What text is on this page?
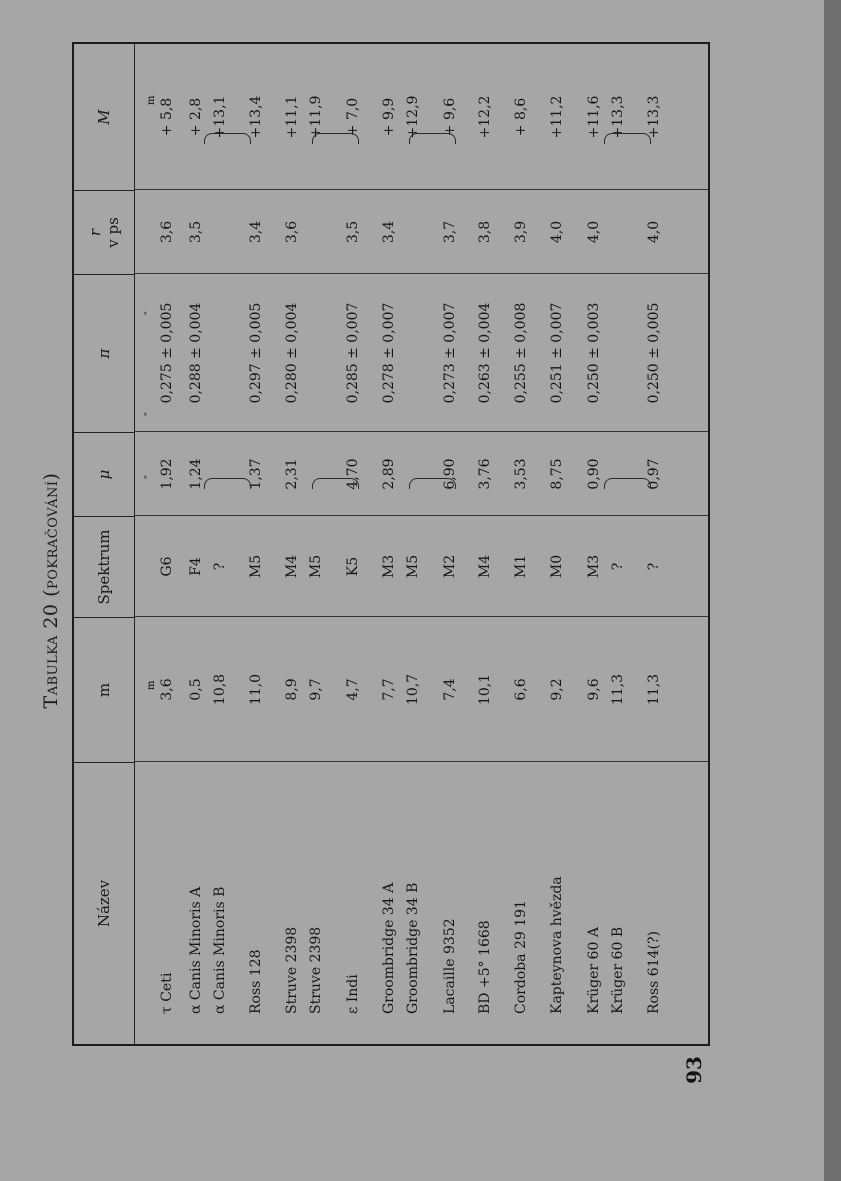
Tabulka 20 (pokračování)
Název
m
Spektrum
μ
π
r v ps
M
m
″
″
″
m
τ Ceti
3,6
G6
1,92
0,275 ± 0,005
3,6
+ 5,8
α Canis Minoris A
0,5
F4
1,24
0,288 ± 0,004
3,5
+ 2,8
α Canis Minoris B
10,8
?
+13,1
Ross 128
11,0
M5
1,37
0,297 ± 0,005
3,4
+13,4
Struve 2398
8,9
M4
2,31
0,280 ± 0,004
3,6
+11,1
Struve 2398
9,7
M5
+11,9
ε Indi
4,7
K5
4,70
0,285 ± 0,007
3,5
+ 7,0
Groombridge 34 A
7,7
M3
2,89
0,278 ± 0,007
3,4
+ 9,9
Groombridge 34 B
10,7
M5
+12,9
Lacaille 9352
7,4
M2
6,90
0,273 ± 0,007
3,7
+ 9,6
BD +5° 1668
10,1
M4
3,76
0,263 ± 0,004
3,8
+12,2
Cordoba 29 191
6,6
M1
3,53
0,255 ± 0,008
3,9
+ 8,6
Kapteynova hvězda
9,2
M0
8,75
0,251 ± 0,007
4,0
+11,2
Krüger 60 A
9,6
M3
0,90
0,250 ± 0,003
4,0
+11,6
Krüger 60 B
11,3
?
+13,3
Ross 614(?)
11,3
?
0,97
0,250 ± 0,005
4,0
+13,3
93
